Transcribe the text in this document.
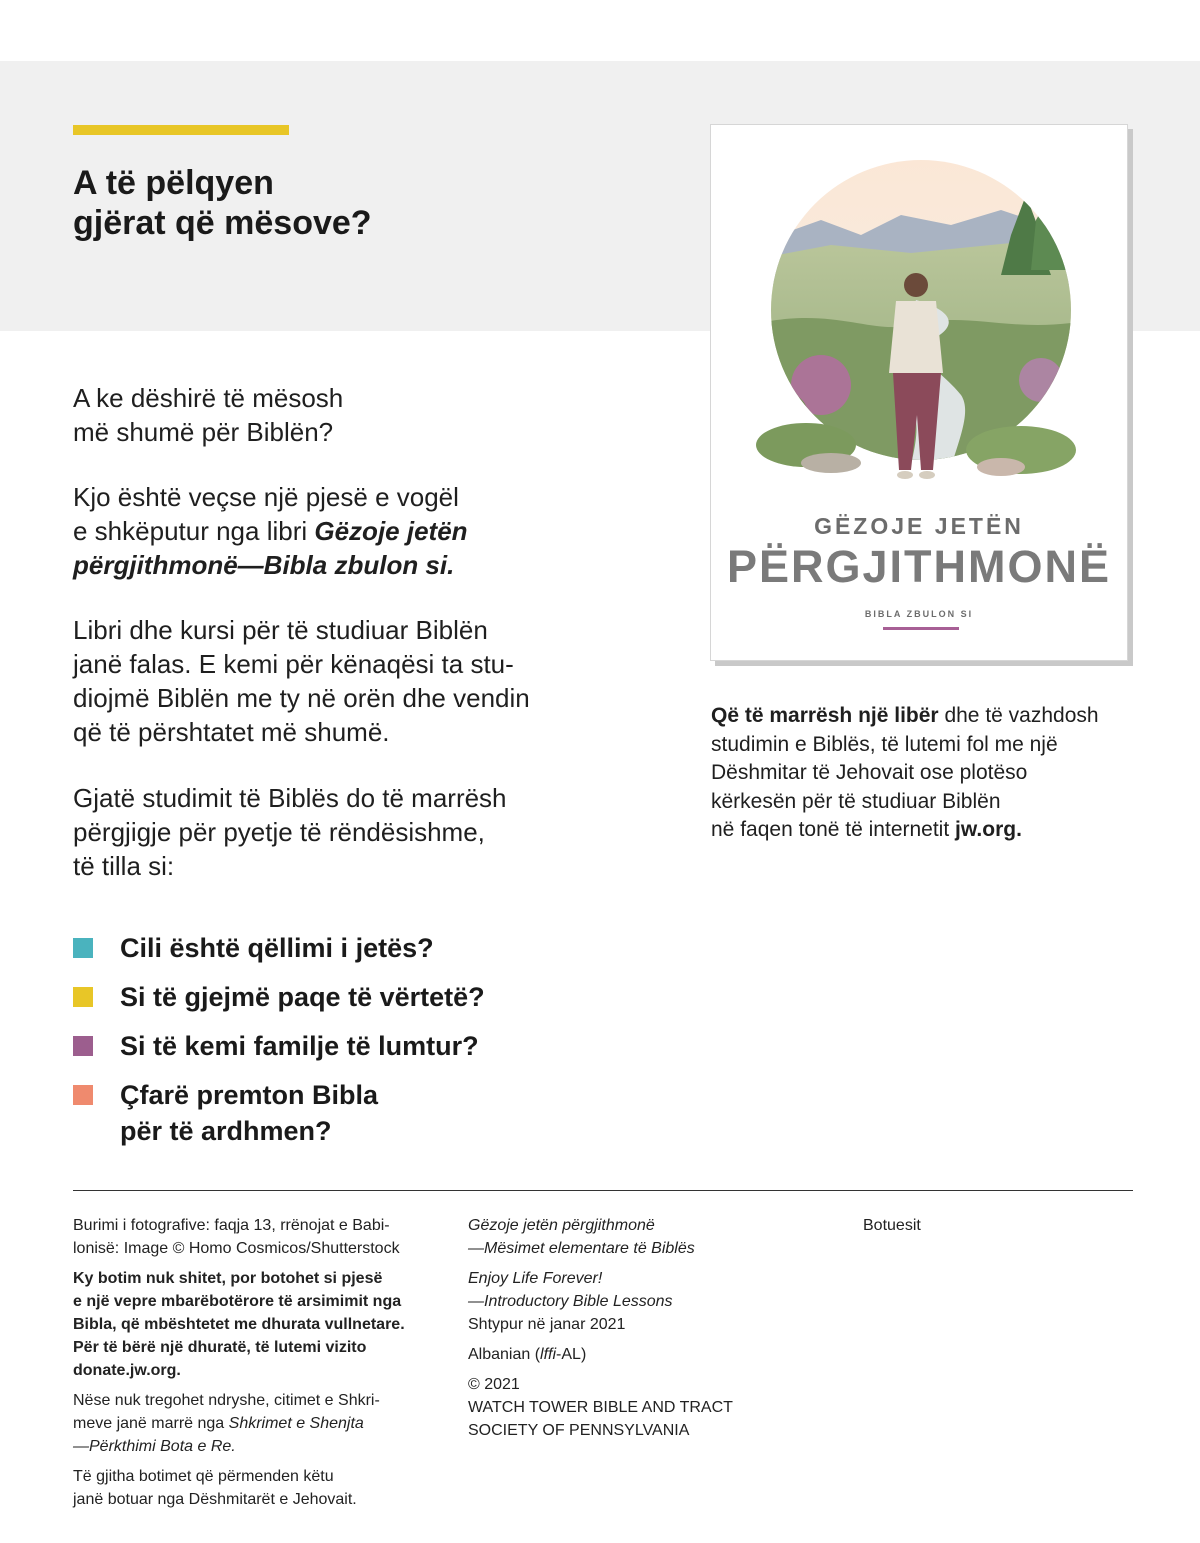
A të pëlqyen
gjërat që mësove?
GËZOJE JETËN
PËRGJITHMONË
BIBLA ZBULON SI

A ke dëshirë të mësosh
më shumë për Biblën?

Kjo është veçse një pjesë e vogël
e shkëputur nga libri Gëzoje jetën
përgjithmonë—Bibla zbulon si.

Libri dhe kursi për të studiuar Biblën
janë falas. E kemi për kënaqësi ta stu-
diojmë Biblën me ty në orën dhe vendin
që të përshtatet më shumë.

Gjatë studimit të Biblës do të marrësh
përgjigje për pyetje të rëndësishme,
të tilla si:

Cili është qëllimi i jetës?
Si të gjejmë paqe të vërtetë?
Si të kemi familje të lumtur?
Çfarë premton Bibla
për të ardhmen?

Që të marrësh një libër dhe të vazhdosh
studimin e Biblës, të lutemi fol me një
Dëshmitar të Jehovait ose plotëso
kërkesën për të studiuar Biblën
në faqen tonë të internetit jw.org.

Burimi i fotografive: faqja 13, rrënojat e Babi-
lonisë: Image © Homo Cosmicos/Shutterstock

Ky botim nuk shitet, por botohet si pjesë
e një vepre mbarëbotërore të arsimimit nga
Bibla, që mbështetet me dhurata vullnetare.
Për të bërë një dhuratë, të lutemi vizito
donate.jw.org.

Nëse nuk tregohet ndryshe, citimet e Shkri-
meve janë marrë nga Shkrimet e Shenjta
—Përkthimi Bota e Re.

Të gjitha botimet që përmenden këtu
janë botuar nga Dëshmitarët e Jehovait.

Gëzoje jetën përgjithmonë
—Mësimet elementare të Biblës

Enjoy Life Forever!
—Introductory Bible Lessons
Shtypur në janar 2021

Albanian (lffi-AL)

© 2021
WATCH TOWER BIBLE AND TRACT
SOCIETY OF PENNSYLVANIA

Botuesit
